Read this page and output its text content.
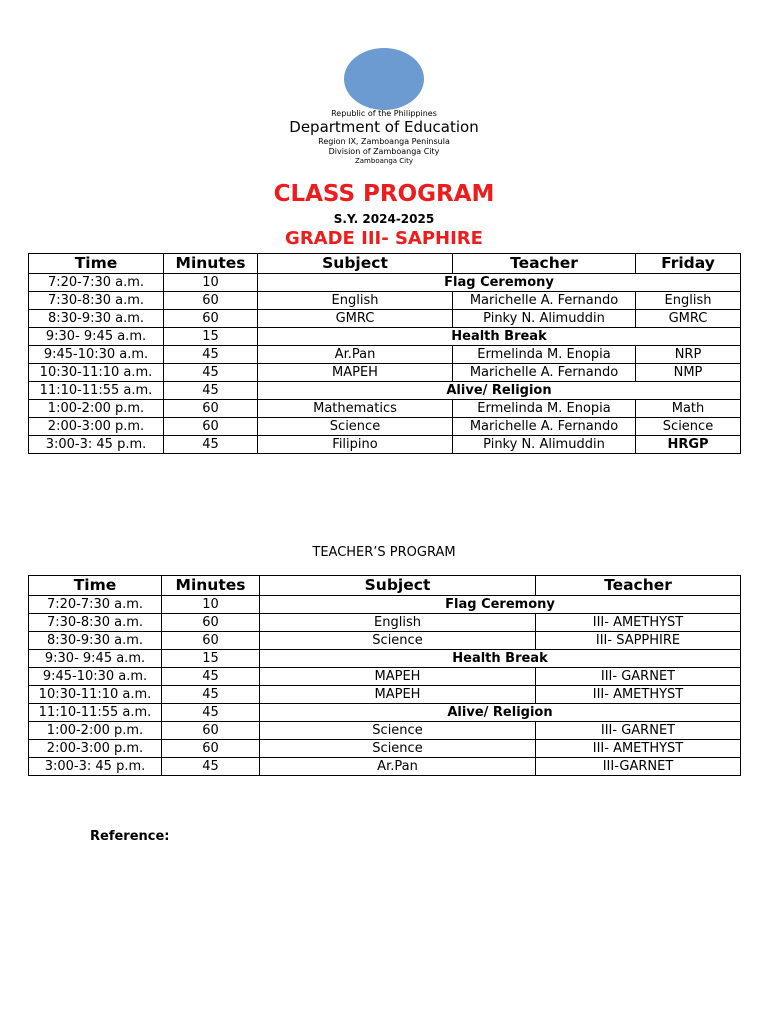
Republic of the Philippines
Department of Education
Region IX, Zamboanga Peninsula
Division of Zamboanga City
Zamboanga City
CLASS PROGRAM
S.Y. 2024-2025
GRADE III- SAPHIRE
Time	Minutes	Subject	Teacher	Friday
7:20-7:30 a.m.	10	Flag Ceremony		
7:30-8:30 a.m.	60	English	Marichelle A. Fernando	English
8:30-9:30 a.m.	60	GMRC	Pinky N. Alimuddin	GMRC
9:30- 9:45 a.m.	15	Health Break		
9:45-10:30 a.m.	45	Ar.Pan	Ermelinda M. Enopia	NRP
10:30-11:10 a.m.	45	MAPEH	Marichelle A. Fernando	NMP
11:10-11:55 a.m.	45	Alive/ Religion		
1:00-2:00 p.m.	60	Mathematics	Ermelinda M. Enopia	Math
2:00-3:00 p.m.	60	Science	Marichelle A. Fernando	Science
3:00-3: 45 p.m.	45	Filipino	Pinky N. Alimuddin	HRGP
TEACHER’S PROGRAM
Time	Minutes	Subject	Teacher
7:20-7:30 a.m.	10	Flag Ceremony	
7:30-8:30 a.m.	60	English	III- AMETHYST
8:30-9:30 a.m.	60	Science	III- SAPPHIRE
9:30- 9:45 a.m.	15	Health Break	
9:45-10:30 a.m.	45	MAPEH	III- GARNET
10:30-11:10 a.m.	45	MAPEH	III- AMETHYST
11:10-11:55 a.m.	45	Alive/ Religion	
1:00-2:00 p.m.	60	Science	III- GARNET
2:00-3:00 p.m.	60	Science	III- AMETHYST
3:00-3: 45 p.m.	45	Ar.Pan	III-GARNET
Reference:
